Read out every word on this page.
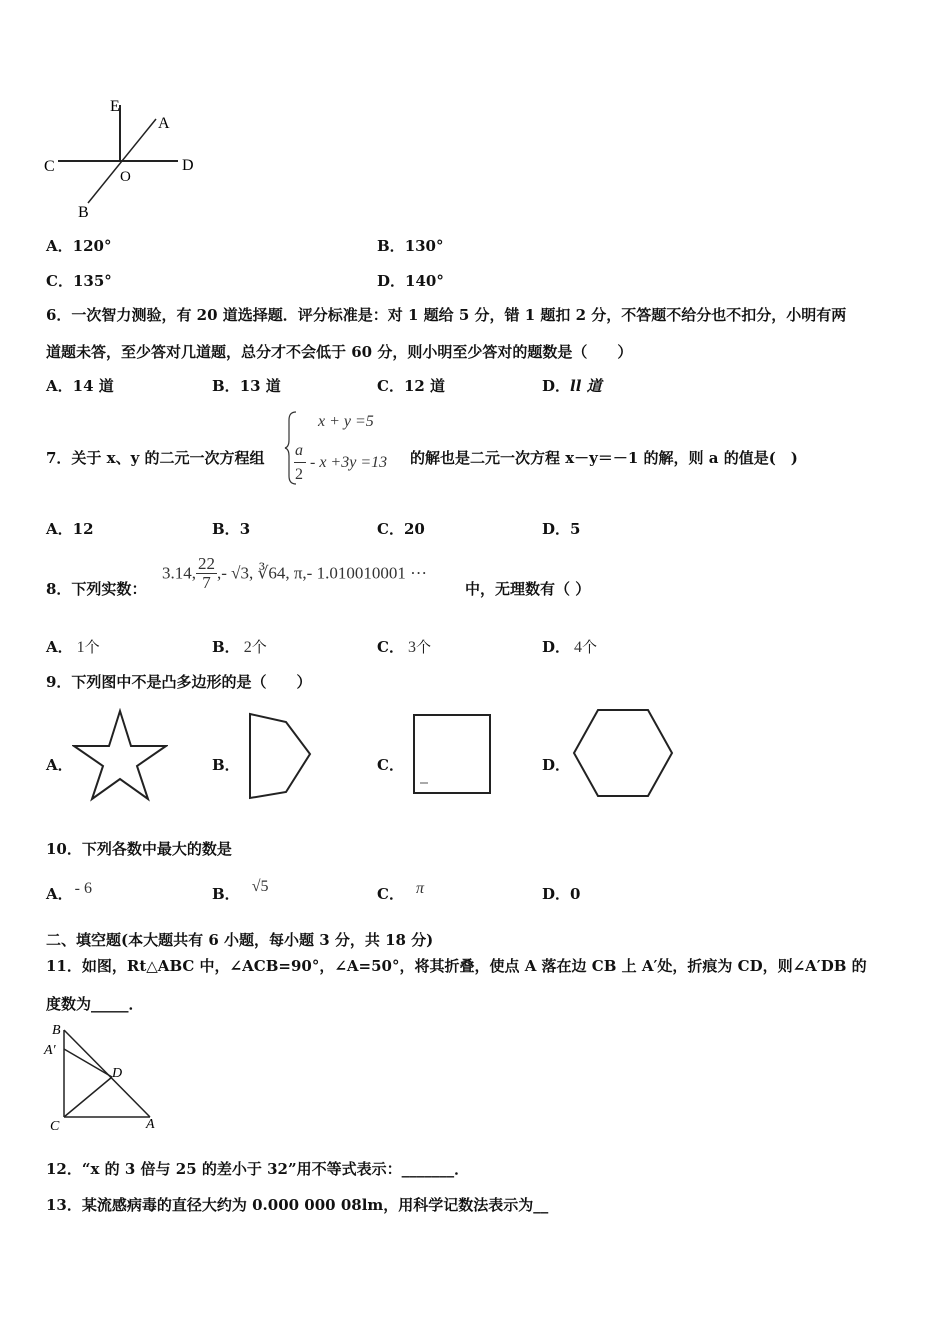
E
A
C	D
O
B
A．120°	B．130°
C．135°	D．140°
6．一次智力测验，有 20 道选择题．评分标准是：对 1 题给 5 分，错 1 题扣 2 分，不答题不给分也不扣分，小明有两
道题未答，至少答对几道题，总分才不会低于 60 分，则小明至少答对的题数是（　　）
A．14 道	B．13 道	C．12 道	D．ll 道
7．关于 x、y 的二元一次方程组
x + y =5
a
2
- x +3y =13 的解也是二元一次方程 x－y＝－1 的解，则 a 的值是(　)
A．12	B．3	C．20	D．5
8．下列实数：
3.14, $\frac{22}{7}$ ,- √3, ∛64, π,- 1.010010001 ···
中，无理数有（ ）
A． 1个	B． 2个	C． 3个	D． 4个
9．下列图中不是凸多边形的是（　　）
A．	B．	C．	D．
10．下列各数中最大的数是
A． - 6	B． √5	C． π	D．0
二、填空题(本大题共有 6 小题，每小题 3 分，共 18 分)
11．如图，Rt△ABC 中，∠ACB=90°，∠A=50°，将其折叠，使点 A 落在边 CB 上 A′处，折痕为 CD，则∠A′DB 的
度数为_____．
B
A′
D
C	A
12．“x 的 3 倍与 25 的差小于 32”用不等式表示：_______．
13．某流感病毒的直径大约为 0.000 000 08lm，用科学记数法表示为__
